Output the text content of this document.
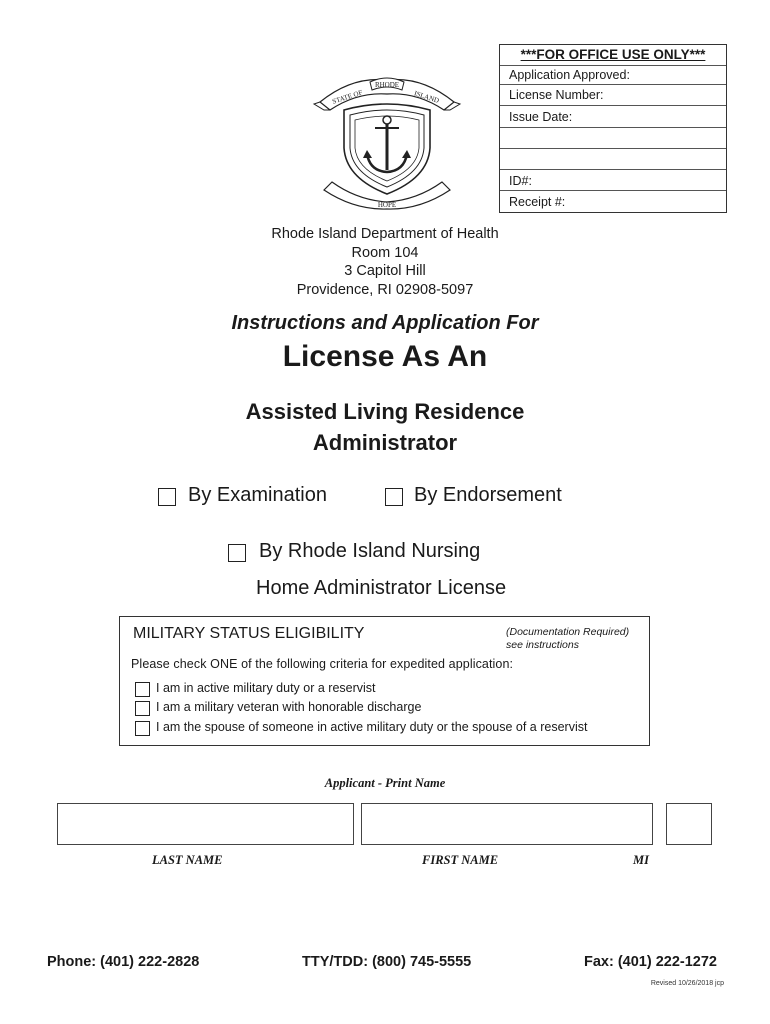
***FOR OFFICE USE ONLY***
Application Approved:
License Number:
Issue Date:
ID#:
Receipt #:
RHODE
STATE OF	ISLAND
HOPE
Rhode Island Department of Health
Room 104
3 Capitol Hill
Providence, RI 02908-5097
Instructions and Application For
License As An
Assisted Living Residence
Administrator
By Examination	By Endorsement
By Rhode Island Nursing
Home Administrator License
MILITARY STATUS ELIGIBILITY	(Documentation Required)
see instructions
Please check ONE of the following criteria for expedited application:
I am in active military duty or a reservist
I am a military veteran with honorable discharge
I am the spouse of someone in active military duty or the spouse of a reservist
Applicant - Print Name
LAST NAME	FIRST NAME	MI
Phone: (401) 222-2828	TTY/TDD: (800) 745-5555	Fax: (401) 222-1272
Revised 10/26/2018 jcp
